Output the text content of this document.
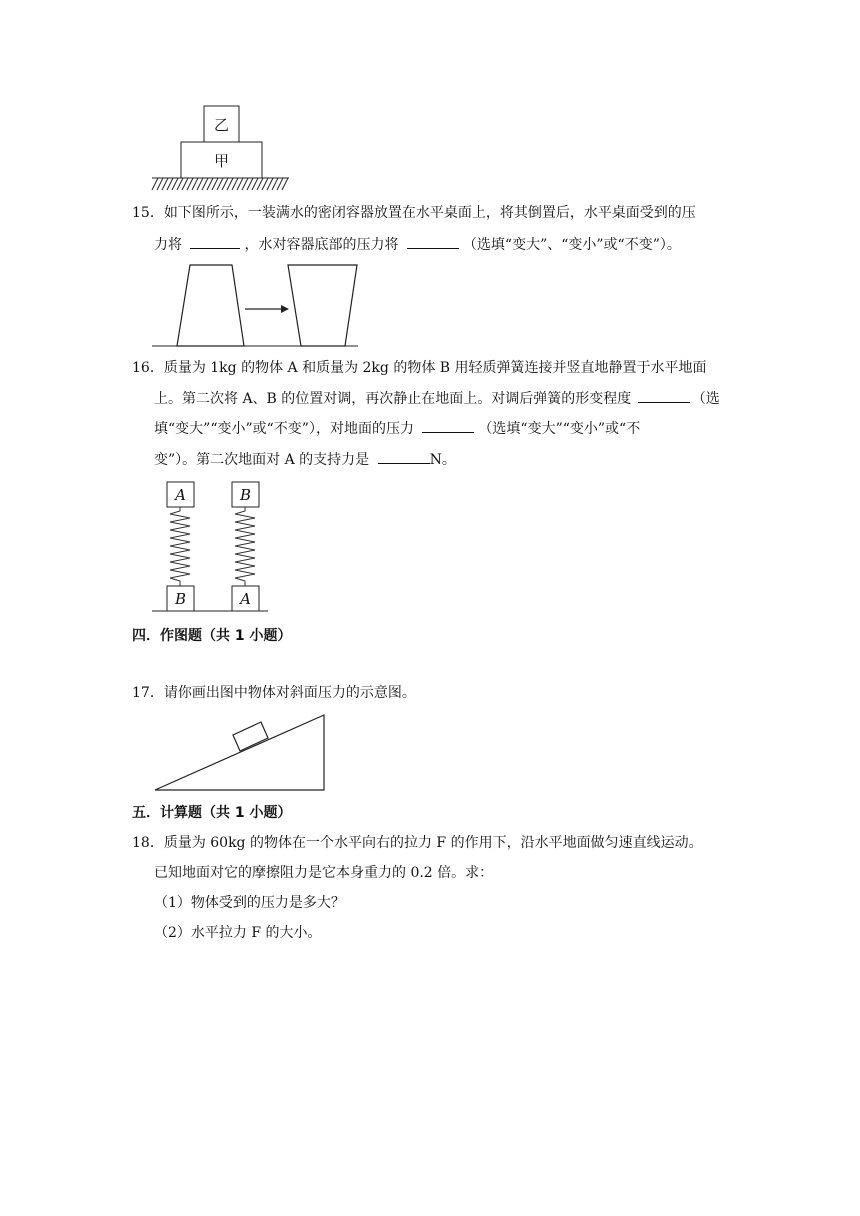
乙
甲
15．如下图所示，一装满水的密闭容器放置在水平桌面上，将其倒置后，水平桌面受到的压
力将	，水对容器底部的压力将	（选填“变大”、“变小”或“不变”）。
16．质量为 1kg 的物体 A 和质量为 2kg 的物体 B 用轻质弹簧连接并竖直地静置于水平地面
上。第二次将 A、B 的位置对调，再次静止在地面上。对调后弹簧的形变程度	（选
填“变大”“变小”或“不变”），对地面的压力	（选填“变大”“变小”或“不
变”）。第二次地面对 A 的支持力是	N。
A
B
B
A
四．作图题（共 1 小题）
17．请你画出图中物体对斜面压力的示意图。
五．计算题（共 1 小题）
18．质量为 60kg 的物体在一个水平向右的拉力 F 的作用下，沿水平地面做匀速直线运动。
已知地面对它的摩擦阻力是它本身重力的 0.2 倍。求：
（1）物体受到的压力是多大？
（2）水平拉力 F 的大小。
